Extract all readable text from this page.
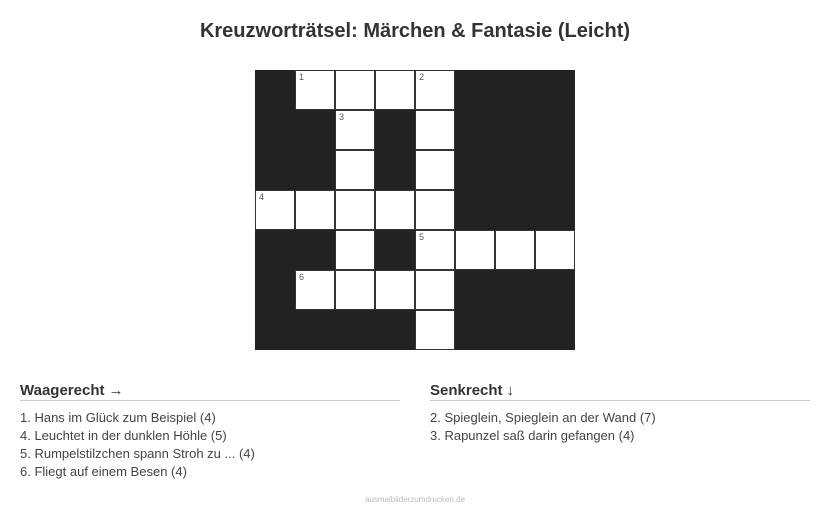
Kreuzworträtsel: Märchen & Fantasie (Leicht)
1	2
3
4
5
6
Waagerecht →
1. Hans im Glück zum Beispiel (4)
4. Leuchtet in der dunklen Höhle (5)
5. Rumpelstilzchen spann Stroh zu ... (4)
6. Fliegt auf einem Besen (4)
Senkrecht ↓
2. Spieglein, Spieglein an der Wand (7)
3. Rapunzel saß darin gefangen (4)
ausmalbilderzumdrucken.de
